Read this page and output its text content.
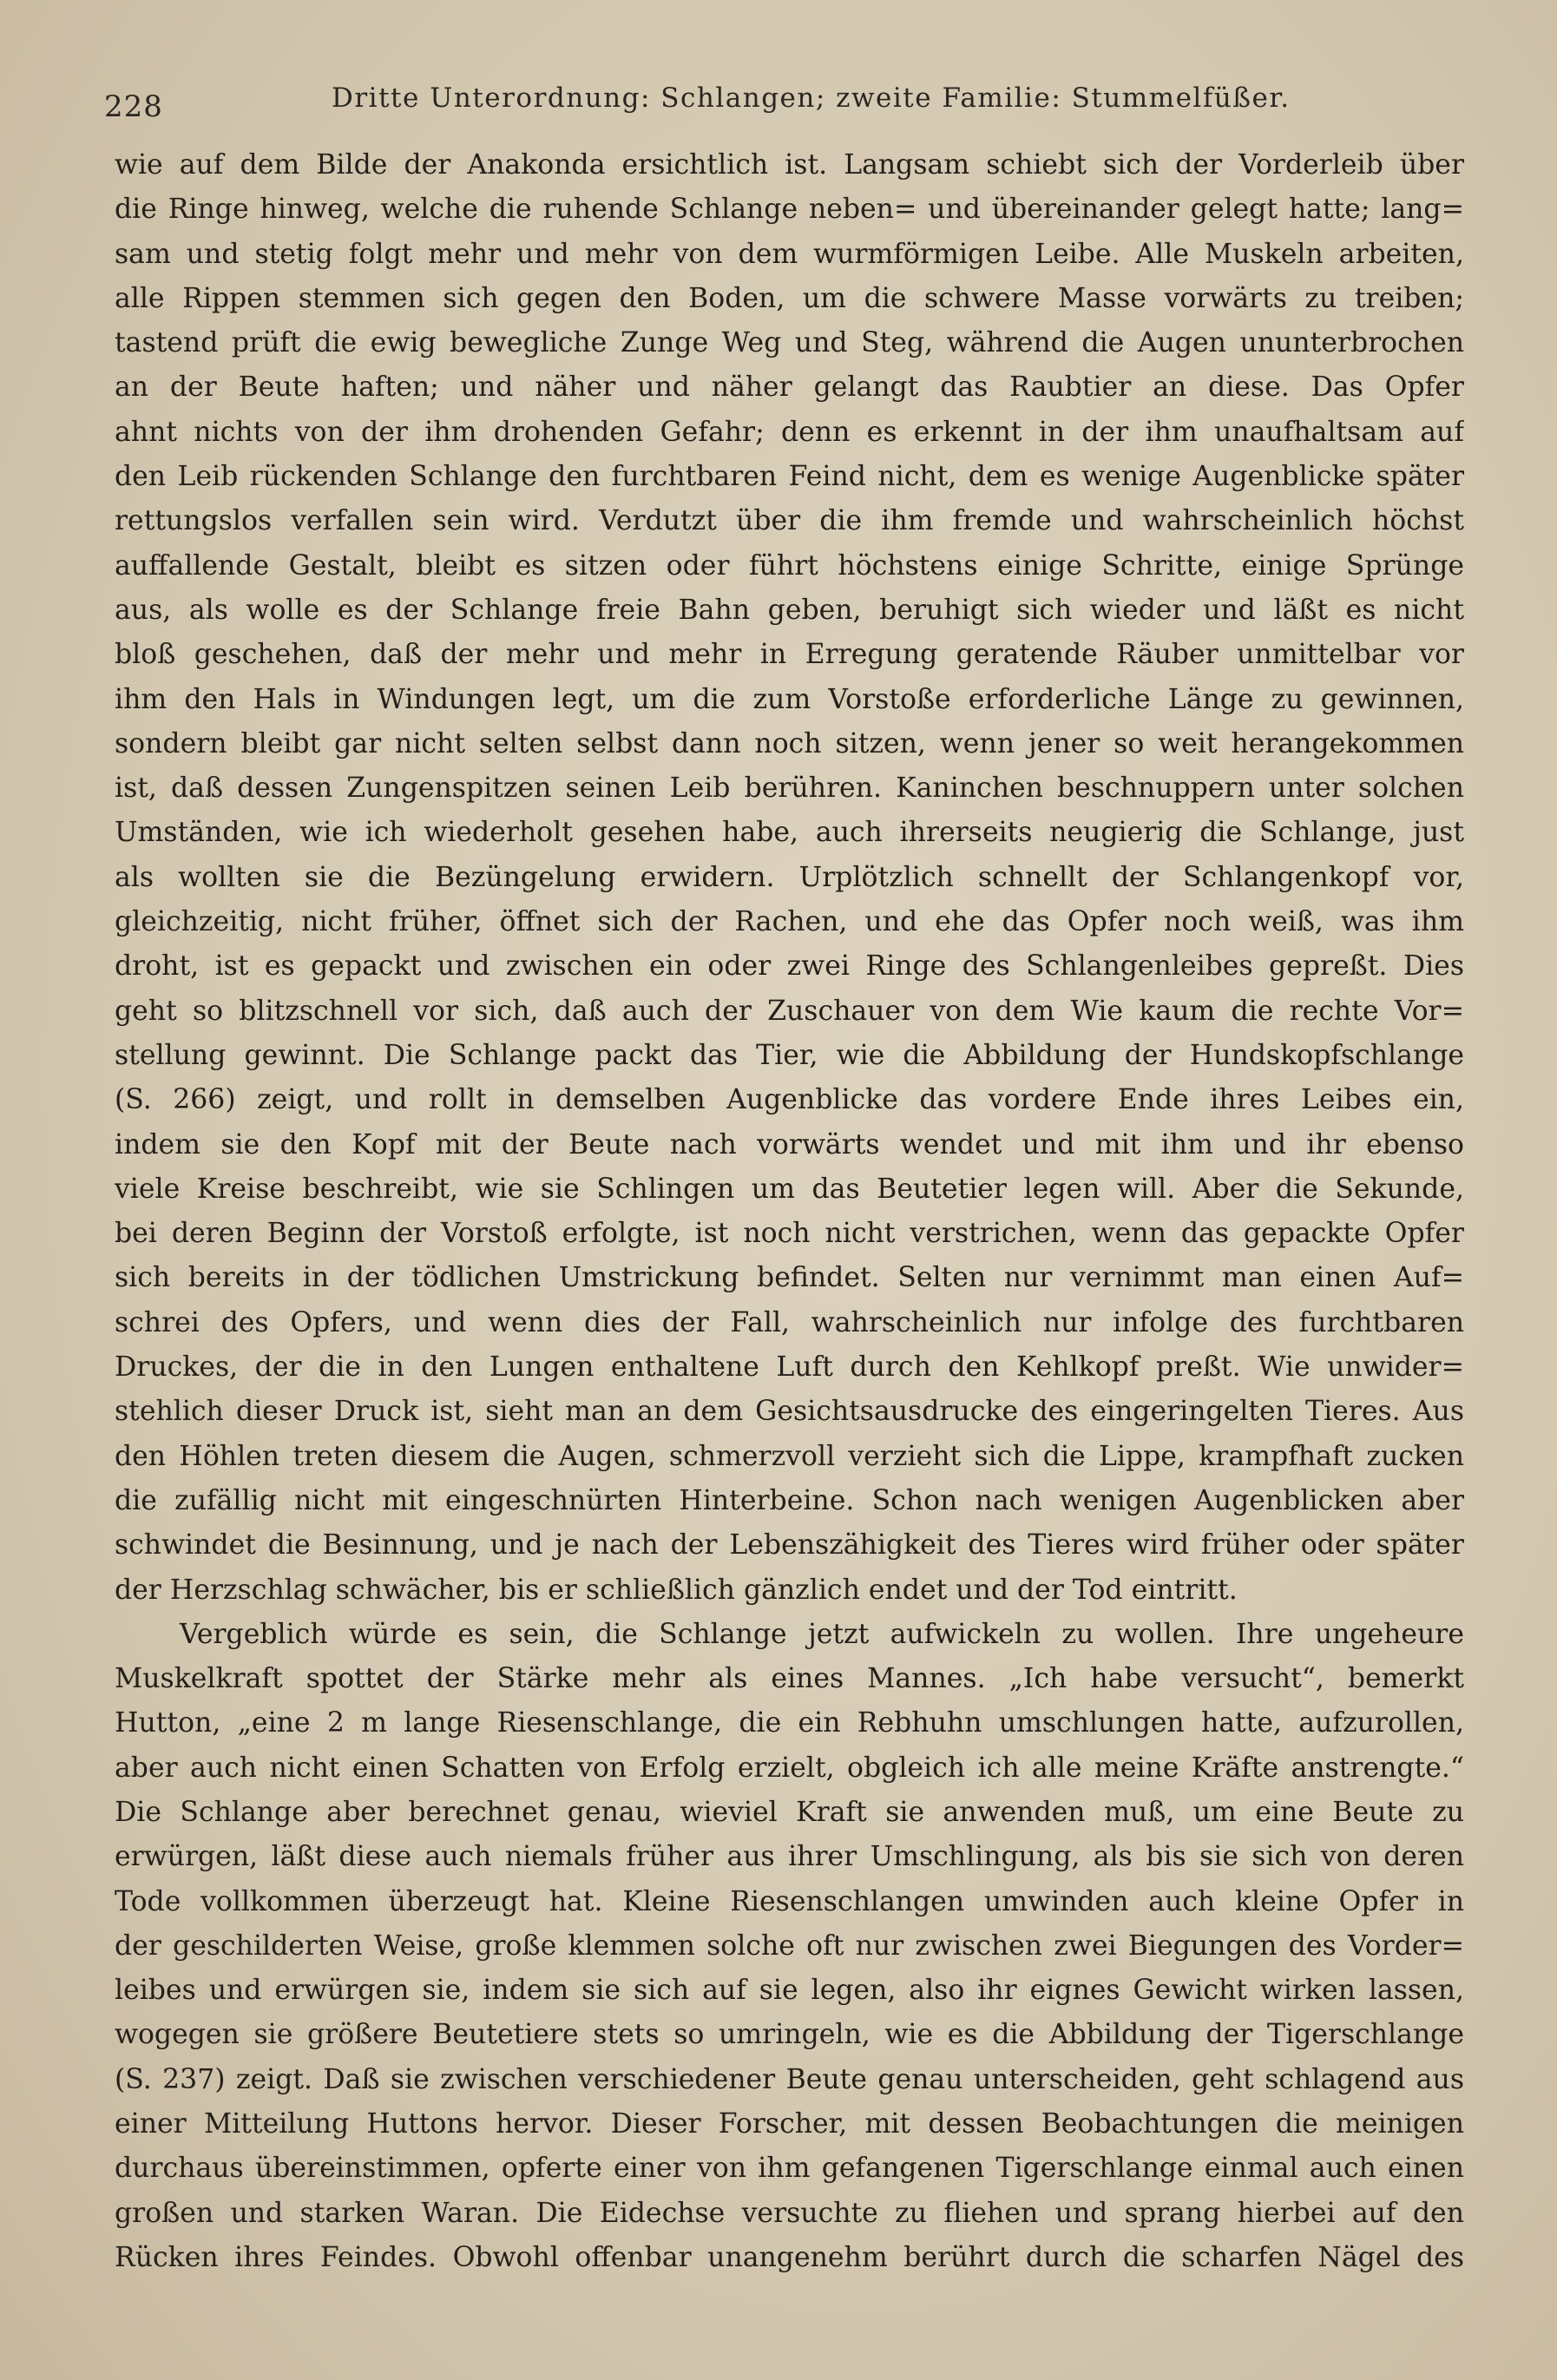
228	Dritte Unterordnung: Schlangen; zweite Familie: Stummelfüßer.
wie auf dem Bilde der Anakonda ersichtlich ist. Langsam schiebt sich der Vorderleib über
die Ringe hinweg, welche die ruhende Schlange neben= und übereinander gelegt hatte; lang=
sam und stetig folgt mehr und mehr von dem wurmförmigen Leibe. Alle Muskeln arbeiten,
alle Rippen stemmen sich gegen den Boden, um die schwere Masse vorwärts zu treiben;
tastend prüft die ewig bewegliche Zunge Weg und Steg, während die Augen ununterbrochen
an der Beute haften; und näher und näher gelangt das Raubtier an diese. Das Opfer
ahnt nichts von der ihm drohenden Gefahr; denn es erkennt in der ihm unaufhaltsam auf
den Leib rückenden Schlange den furchtbaren Feind nicht, dem es wenige Augenblicke später
rettungslos verfallen sein wird. Verdutzt über die ihm fremde und wahrscheinlich höchst
auffallende Gestalt, bleibt es sitzen oder führt höchstens einige Schritte, einige Sprünge
aus, als wolle es der Schlange freie Bahn geben, beruhigt sich wieder und läßt es nicht
bloß geschehen, daß der mehr und mehr in Erregung geratende Räuber unmittelbar vor
ihm den Hals in Windungen legt, um die zum Vorstoße erforderliche Länge zu gewinnen,
sondern bleibt gar nicht selten selbst dann noch sitzen, wenn jener so weit herangekommen
ist, daß dessen Zungenspitzen seinen Leib berühren. Kaninchen beschnuppern unter solchen
Umständen, wie ich wiederholt gesehen habe, auch ihrerseits neugierig die Schlange, just
als wollten sie die Bezüngelung erwidern. Urplötzlich schnellt der Schlangenkopf vor,
gleichzeitig, nicht früher, öffnet sich der Rachen, und ehe das Opfer noch weiß, was ihm
droht, ist es gepackt und zwischen ein oder zwei Ringe des Schlangenleibes gepreßt. Dies
geht so blitzschnell vor sich, daß auch der Zuschauer von dem Wie kaum die rechte Vor=
stellung gewinnt. Die Schlange packt das Tier, wie die Abbildung der Hundskopfschlange
(S. 266) zeigt, und rollt in demselben Augenblicke das vordere Ende ihres Leibes ein,
indem sie den Kopf mit der Beute nach vorwärts wendet und mit ihm und ihr ebenso
viele Kreise beschreibt, wie sie Schlingen um das Beutetier legen will. Aber die Sekunde,
bei deren Beginn der Vorstoß erfolgte, ist noch nicht verstrichen, wenn das gepackte Opfer
sich bereits in der tödlichen Umstrickung befindet. Selten nur vernimmt man einen Auf=
schrei des Opfers, und wenn dies der Fall, wahrscheinlich nur infolge des furchtbaren
Druckes, der die in den Lungen enthaltene Luft durch den Kehlkopf preßt. Wie unwider=
stehlich dieser Druck ist, sieht man an dem Gesichtsausdrucke des eingeringelten Tieres. Aus
den Höhlen treten diesem die Augen, schmerzvoll verzieht sich die Lippe, krampfhaft zucken
die zufällig nicht mit eingeschnürten Hinterbeine. Schon nach wenigen Augenblicken aber
schwindet die Besinnung, und je nach der Lebenszähigkeit des Tieres wird früher oder später
der Herzschlag schwächer, bis er schließlich gänzlich endet und der Tod eintritt.
Vergeblich würde es sein, die Schlange jetzt aufwickeln zu wollen. Ihre ungeheure
Muskelkraft spottet der Stärke mehr als eines Mannes. „Ich habe versucht“, bemerkt
Hutton, „eine 2 m lange Riesenschlange, die ein Rebhuhn umschlungen hatte, aufzurollen,
aber auch nicht einen Schatten von Erfolg erzielt, obgleich ich alle meine Kräfte anstrengte.“
Die Schlange aber berechnet genau, wieviel Kraft sie anwenden muß, um eine Beute zu
erwürgen, läßt diese auch niemals früher aus ihrer Umschlingung, als bis sie sich von deren
Tode vollkommen überzeugt hat. Kleine Riesenschlangen umwinden auch kleine Opfer in
der geschilderten Weise, große klemmen solche oft nur zwischen zwei Biegungen des Vorder=
leibes und erwürgen sie, indem sie sich auf sie legen, also ihr eignes Gewicht wirken lassen,
wogegen sie größere Beutetiere stets so umringeln, wie es die Abbildung der Tigerschlange
(S. 237) zeigt. Daß sie zwischen verschiedener Beute genau unterscheiden, geht schlagend aus
einer Mitteilung Huttons hervor. Dieser Forscher, mit dessen Beobachtungen die meinigen
durchaus übereinstimmen, opferte einer von ihm gefangenen Tigerschlange einmal auch einen
großen und starken Waran. Die Eidechse versuchte zu fliehen und sprang hierbei auf den
Rücken ihres Feindes. Obwohl offenbar unangenehm berührt durch die scharfen Nägel des
